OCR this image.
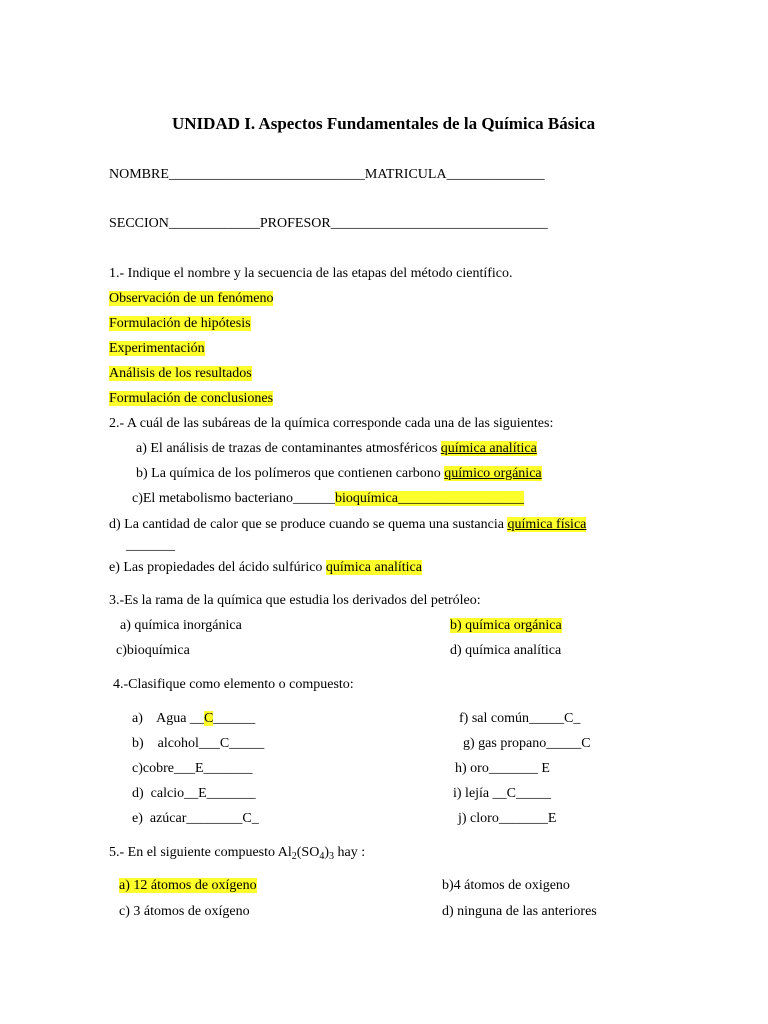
UNIDAD I. Aspectos Fundamentales de la Química Básica
NOMBRE____________________________MATRICULA______________
SECCION_____________PROFESOR_______________________________
1.- Indique el nombre y la secuencia de las etapas del método científico.
Observación de un fenómeno
Formulación de hipótesis
Experimentación
Análisis de los resultados
Formulación de conclusiones
2.- A cuál de las subáreas de la química corresponde cada una de las siguientes:
a) El análisis de trazas de contaminantes atmosféricos química analítica
b) La química de los polímeros que contienen carbono químico orgánica
c)El metabolismo bacteriano______bioquímica__________________
d) La cantidad de calor que se produce cuando se quema una sustancia química física
_______
e) Las propiedades del ácido sulfúrico química analítica
3.-Es la rama de la química que estudia los derivados del petróleo:
a) química inorgánica	b) química orgánica
c)bioquímica	d) química analítica
4.-Clasifique como elemento o compuesto:
a)    Agua __C______
b)    alcohol___C_____
c)cobre___E_______
d)  calcio__E_______
e)  azúcar________C_
f) sal común_____C_
g) gas propano_____C
h) oro_______ E
i) lejía __C_____
j) cloro_______E
5.- En el siguiente compuesto $Al_2(SO_4)_3$ hay :
a) 12 átomos de oxígeno	b)4 átomos de oxigeno
c) 3 átomos de oxígeno	d) ninguna de las anteriores
